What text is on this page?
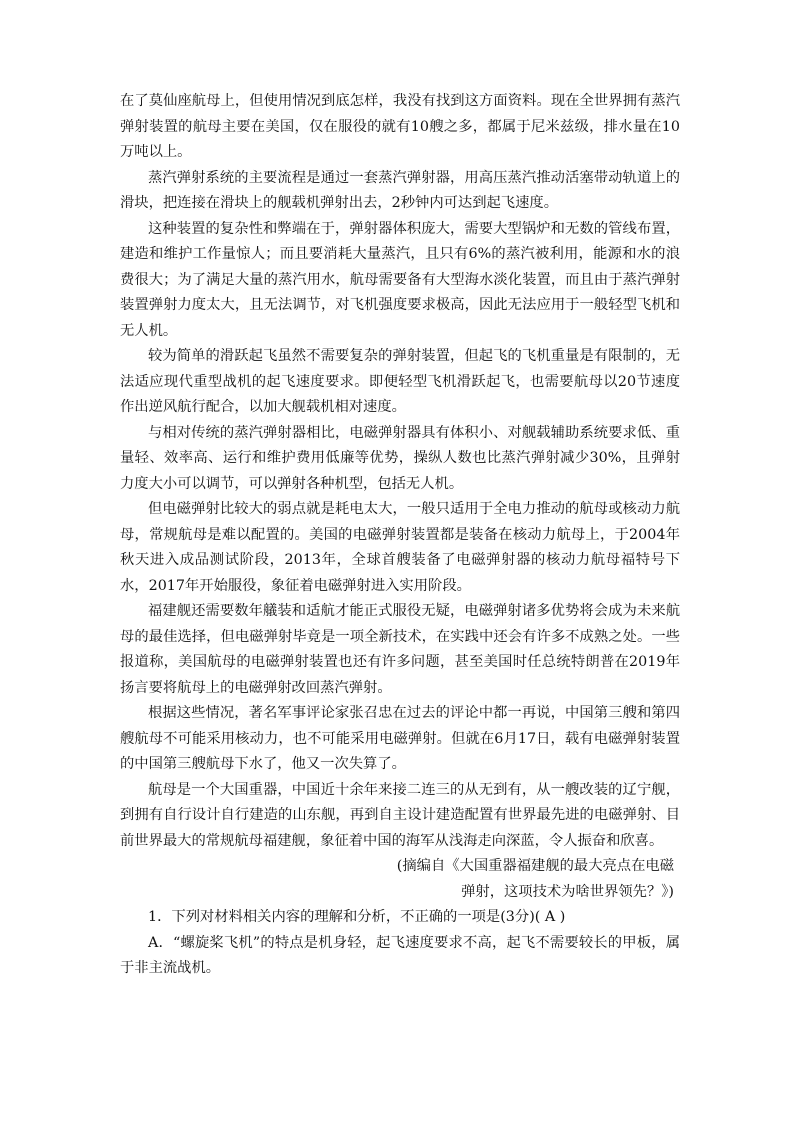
在了莫仙座航母上，但使用情况到底怎样，我没有找到这方面资料。现在全世界拥有蒸汽弹射装置的航母主要在美国，仅在服役的就有10艘之多，都属于尼米兹级，排水量在10万吨以上。

蒸汽弹射系统的主要流程是通过一套蒸汽弹射器，用高压蒸汽推动活塞带动轨道上的滑块，把连接在滑块上的舰载机弹射出去，2秒钟内可达到起飞速度。

这种装置的复杂性和弊端在于，弹射器体积庞大，需要大型锅炉和无数的管线布置，建造和维护工作量惊人；而且要消耗大量蒸汽，且只有6%的蒸汽被利用，能源和水的浪费很大；为了满足大量的蒸汽用水，航母需要备有大型海水淡化装置，而且由于蒸汽弹射装置弹射力度太大，且无法调节，对飞机强度要求极高，因此无法应用于一般轻型飞机和无人机。

较为简单的滑跃起飞虽然不需要复杂的弹射装置，但起飞的飞机重量是有限制的，无法适应现代重型战机的起飞速度要求。即便轻型飞机滑跃起飞，也需要航母以20节速度作出逆风航行配合，以加大舰载机相对速度。

与相对传统的蒸汽弹射器相比，电磁弹射器具有体积小、对舰载辅助系统要求低、重量轻、效率高、运行和维护费用低廉等优势，操纵人数也比蒸汽弹射减少30%，且弹射力度大小可以调节，可以弹射各种机型，包括无人机。

但电磁弹射比较大的弱点就是耗电太大，一般只适用于全电力推动的航母或核动力航母，常规航母是难以配置的。美国的电磁弹射装置都是装备在核动力航母上，于2004年秋天进入成品测试阶段，2013年，全球首艘装备了电磁弹射器的核动力航母福特号下水，2017年开始服役，象征着电磁弹射进入实用阶段。

福建舰还需要数年艤装和适航才能正式服役无疑，电磁弹射诸多优势将会成为未来航母的最佳选择，但电磁弹射毕竟是一项全新技术，在实践中还会有许多不成熟之处。一些报道称，美国航母的电磁弹射装置也还有许多问题，甚至美国时任总统特朗普在2019年扬言要将航母上的电磁弹射改回蒸汽弹射。

根据这些情况，著名军事评论家张召忠在过去的评论中都一再说，中国第三艘和第四艘航母不可能采用核动力，也不可能采用电磁弹射。但就在6月17日，载有电磁弹射装置的中国第三艘航母下水了，他又一次失算了。

航母是一个大国重器，中国近十余年来接二连三的从无到有，从一艘改装的辽宁舰，到拥有自行设计自行建造的山东舰，再到自主设计建造配置有世界最先进的电磁弹射、目前世界最大的常规航母福建舰，象征着中国的海军从浅海走向深蓝，令人振奋和欣喜。

(摘编自《大国重器福建舰的最大亮点在电磁

弹射，这项技术为啥世界领先？》)

1．下列对材料相关内容的理解和分析，不正确的一项是(3分)( A )

A．“螺旋桨飞机”的特点是机身轻，起飞速度要求不高，起飞不需要较长的甲板，属于非主流战机。
